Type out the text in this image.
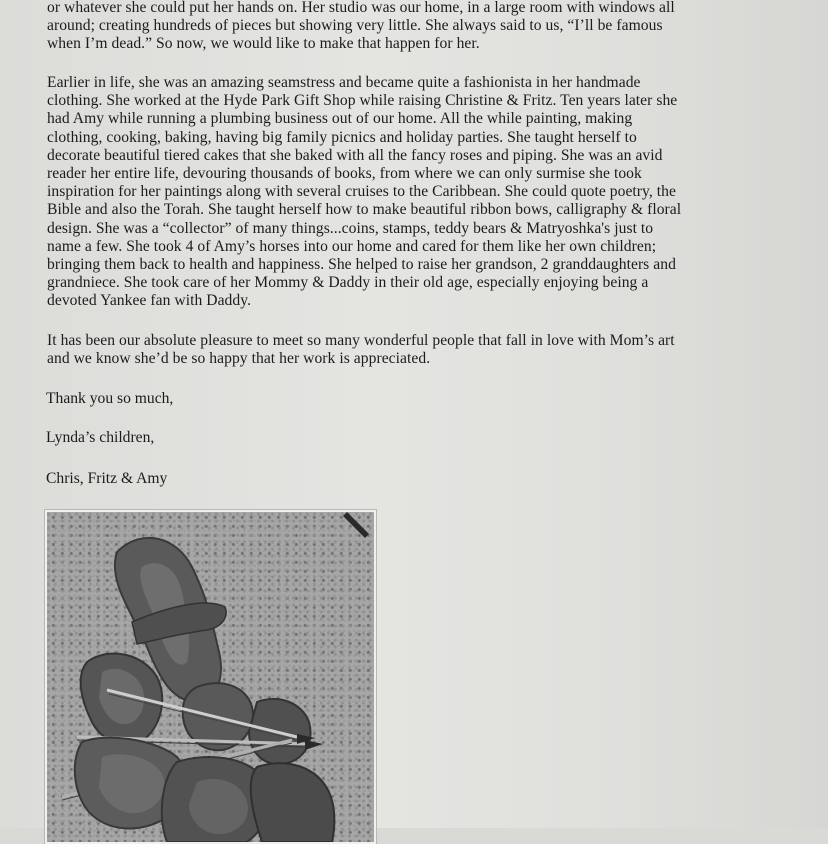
or whatever she could put her hands on. Her studio was our home, in a large room with windows all
around; creating hundreds of pieces but showing very little. She always said to us, “I’ll be famous
when I’m dead.” So now, we would like to make that happen for her.
Earlier in life, she was an amazing seamstress and became quite a fashionista in her handmade
clothing. She worked at the Hyde Park Gift Shop while raising Christine & Fritz. Ten years later she
had Amy while running a plumbing business out of our home. All the while painting, making
clothing, cooking, baking, having big family picnics and holiday parties. She taught herself to
decorate beautiful tiered cakes that she baked with all the fancy roses and piping. She was an avid
reader her entire life, devouring thousands of books, from where we can only surmise she took
inspiration for her paintings along with several cruises to the Caribbean. She could quote poetry, the
Bible and also the Torah. She taught herself how to make beautiful ribbon bows, calligraphy & floral
design. She was a “collector” of many things...coins, stamps, teddy bears & Matryoshka's just to
name a few. She took 4 of Amy’s horses into our home and cared for them like her own children;
bringing them back to health and happiness. She helped to raise her grandson, 2 granddaughters and
grandniece. She took care of her Mommy & Daddy in their old age, especially enjoying being a
devoted Yankee fan with Daddy.
It has been our absolute pleasure to meet so many wonderful people that fall in love with Mom’s art
and we know she’d be so happy that her work is appreciated.
Thank you so much,
Lynda’s children,
Chris, Fritz & Amy
